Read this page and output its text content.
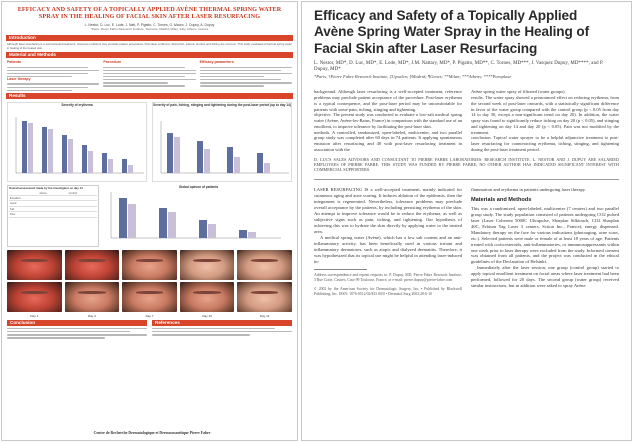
EFFICACY AND SAFETY OF A TOPICALLY APPLIED AVÈNE THERMAL SPRING WATER SPRAY IN THE HEALING OF FACIAL SKIN AFTER LASER RESURFACING
L. Nestor, D. Luc, E. Lode, J. Natt, P. Pigatto, C. Tornes, G. Mauro, J. Dupuy, A. Dupuy
*Paris, Pierre Fabre Research Institute, Toulouse; Madrid; Milan, Italy; Athens, Greece
Introduction
Although laser resurfacing is a well accepted treatment, reference problems may preclude patient acceptance. Post-laser erythema, discomfort, edema, pruritus and itching are common. This study evaluated a thermal spring water in healing of the treated skin.
Material and Methods
Patients
Laser therapy
Procedure	Efficacy parameters
Results
Severity of erythema	Severity of pain, itching, stinging and tightening during the post-laser period (up to day 14)
Overall assessment made by the investigator on day 14
Avène	Control
Excellent
Good
Fair
Poor
Global opinion of patients
Day 1	Day 3	Day 7	Day 10	Day 14
Conclusion	References
Centre de Recherche Dermatologique et Dermocosmétique Pierre Fabre
Efficacy and Safety of a Topically Applied
Avène Spring Water Spray in the Healing of
Facial Skin after Laser Resurfacing
L. Nestor, MD*, D. Luc, MD*, E. Lode, MD*, J.M. Nattary, MD*, P. Pigatto, MD**, C. Tornes, MD***, J. Vasquez Dupuy, MD****, and P. Dupuy, MD*
*Paris, †Pierre Fabre Research Institute, ‡Upsalen; §Madrid; ¶Genes; **Milan; ***Athens; ****Paraplase

background. Although laser resurfacing is a well-accepted treatment, reference problems may preclude patient acceptance of the procedure. Post-laser erythema is a typical consequence, and the post-laser period may be uncomfortable for patients with some pain, itching, stinging and tightening.

objective. The present study was conducted to evaluate a low-salt medical spring water (Avène, Avène-les-Bains, France) in comparison with the standard use of an emollient, to improve tolerance by facilitating the post-laser skin.

methods. A controlled, randomized, open-labeled, multicenter, and two parallel group study was completed after 60 days in 74 patients. It applying spontaneous emission after resurfacing and 40 with post-laser resurfacing treatment in association with the

Avène spring water spray of filtrated (water groups).

results. The water spray showed a pronounced effect on reducing erythema, from the second week of post-laser onwards, with a statistically significant difference in favor of the water group compared with the control group (p < 0.05 from day 14 to day 30, except a non-significant trend on day 20). In addition, the water spray was found to significantly reduce itching on day 20 (p < 0.05), and stinging and tightening on day 14 and day 20 (p < 0.05). Pain was not modified by the treatment.

conclusion. Topical water sprayer to be a helpful adjunctive treatment to post-laser resurfacing for counteracting erythema, itching, stinging, and tightening during the post-laser treatment period.

D. LUC'S SALES ADVISORS AND CONSULTANT TO PIERRE FABRE LABORATORIES: RESEARCH INSTITUTE. L. NESTOR AND J. DUPUY ARE SALARIED EMPLOYEES OF PIERRE FABRE. THIS STUDY WAS FUNDED BY PIERRE FABRE; NO OTHER AUTHOR HAS INDICATED SIGNIFICANT INTEREST WITH COMMERCIAL SUPPORTERS.

LASER RESURFACING IS a well-accepted treatment, mainly indicated for cutaneous aging and acne scaring. It induces ablation of the epidermis, then the integument is regenerated. Nevertheless, tolerance problems may preclude overall acceptance by the patients, by including persisting erythema of the skin. An attempt to improve tolerance would be to reduce the erythema, as well as subjective signs such as pain, itching, and tightening. Our hypothesis of achieving this was to hydrate the skin directly by applying water to the treated area.

A medical spring water (Avène), which has a low salt content and an anti-inflammatory activity, has been beneficially used in various irritant and inflammatory dermatoses, such as atopic and dialyzed dermatitis. Therefore, it was hypothesized that its topical use might be helpful in attending laser-induced in-

Address correspondence and reprint requests to: P. Dupuy, MD, Pierre Fabre Research Institute, 3 Rue Gotte, Castres, Case 99 Toulouse, France, or e-mail: pierre.dupuy@pierre-fabre.com
© 2002 by the American Society for Dermatologic Surgery, Inc. • Published by Blackwell Publishing, Inc. ISSN: 1076-0512/02/$15.00/0 • Dermatol Surg 2002;28:6-10

flammation and erythema in patients undergoing laser therapy.

Materials and Methods

This was a randomized, open-labeled, multicenter (7 centers) and two parallel group study. The study population consisted of patients undergoing CO2 pulsed laser (Laser Coherent 5000C Ultrapulse, Sharplan Silktouch, CO2 Sharplan 40C, Erbium Yag Laser 3 centers, Sciton Inc., France), energy dispensed. Mandatory therapy on the face for various indications (photoaging, acne scars, etc.). Selected patients were male or female of at least 18 years of age. Patients treated with corticosteroids, anti-inflammatories, or immunosuppressants within one week prior to laser therapy were excluded from the study. Informed consent was obtained from all patients, and the project was conducted in the ethical guidelines of the Declaration of Helsinki.

Immediately after the laser session, one group (control group) started to apply topical emollient treatment on facial areas where laser treatment had been performed, followed for 20 days. The second group (water group) received similar instructions, but in addition were asked to spray Avène
